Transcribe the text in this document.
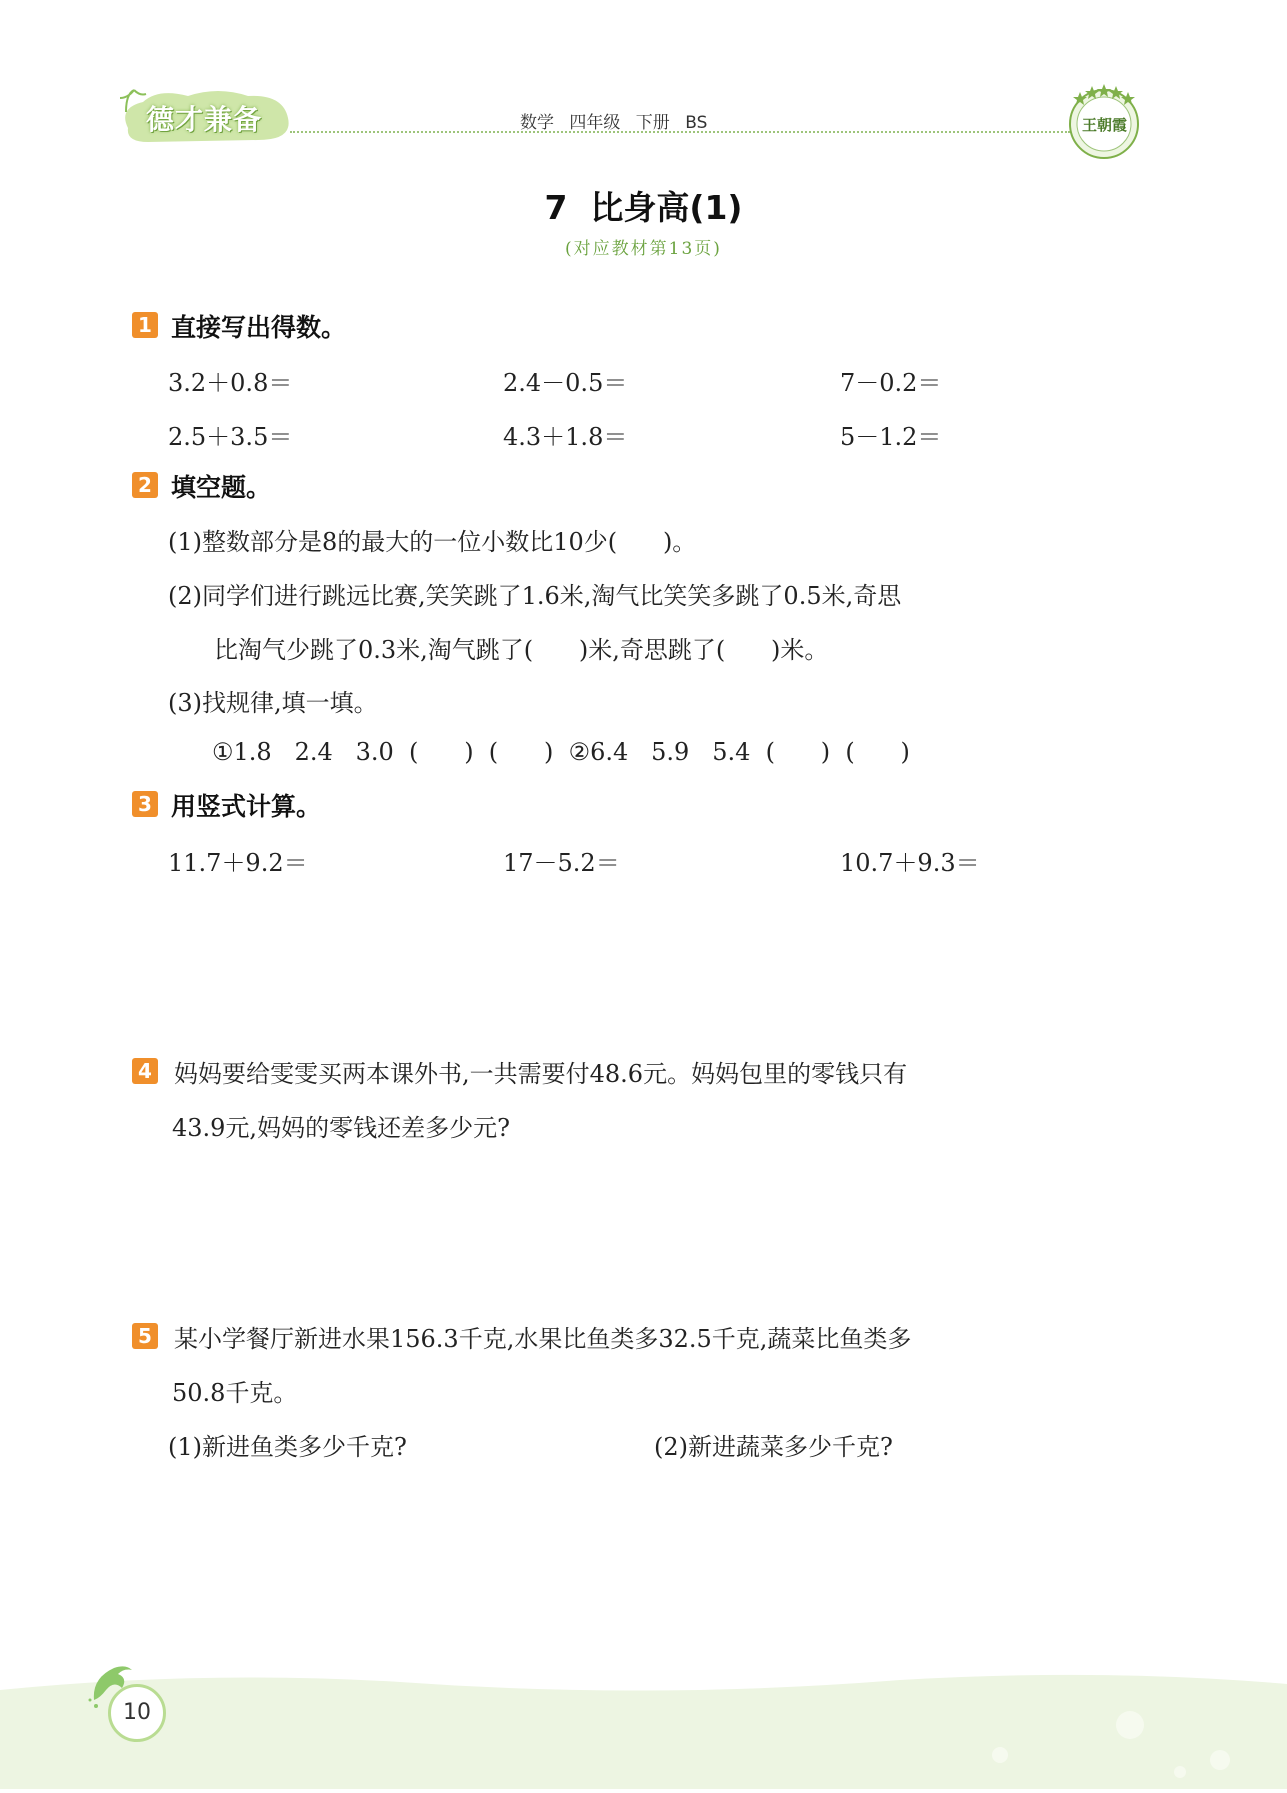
德才兼备	数学 四年级 下册 BS	王朝霞
7  比身高(1)
(对应教材第13页)
1 直接写出得数。
3.2＋0.8＝	2.4－0.5＝	7－0.2＝
2.5＋3.5＝	4.3＋1.8＝	5－1.2＝
2 填空题。
(1)整数部分是8的最大的一位小数比10少(      )。
(2)同学们进行跳远比赛,笑笑跳了1.6米,淘气比笑笑多跳了0.5米,奇思
比淘气少跳了0.3米,淘气跳了(      )米,奇思跳了(      )米。
(3)找规律,填一填。
①1.8   2.4   3.0  (      )  (      )  ②6.4   5.9   5.4  (      )  (      )
3 用竖式计算。
11.7＋9.2＝	17－5.2＝	10.7＋9.3＝
4 妈妈要给雯雯买两本课外书,一共需要付48.6元。妈妈包里的零钱只有
43.9元,妈妈的零钱还差多少元?
5 某小学餐厅新进水果156.3千克,水果比鱼类多32.5千克,蔬菜比鱼类多
50.8千克。
(1)新进鱼类多少千克?	(2)新进蔬菜多少千克?
10
